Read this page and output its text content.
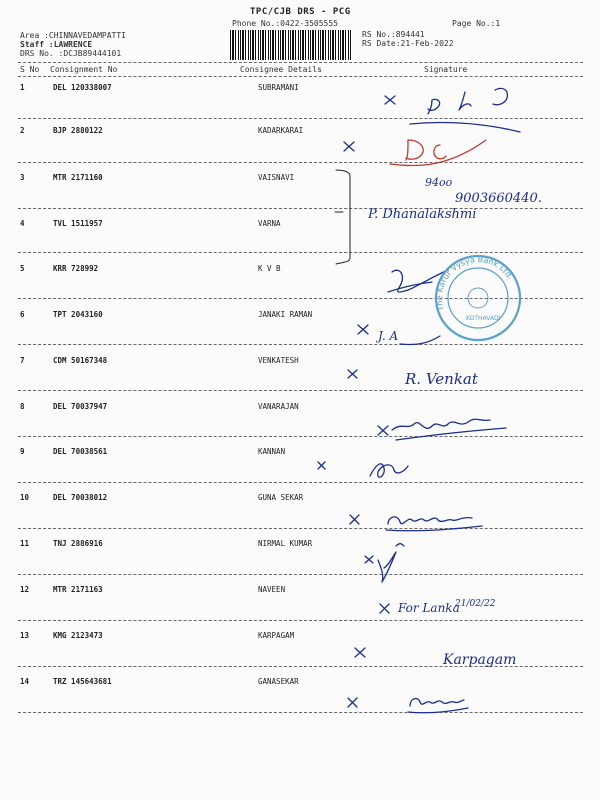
TPC/CJB DRS - PCG
Phone No.:0422-3505555	Page No.:1
Area :CHINNAVEDAMPATTI
Staff :LAWRENCE
DRS No. :DCJB89444101
RS No.:894441
RS Date:21-Feb-2022
S No Consignment No	Consignee Details	Signature
1	DEL 120338007	SUBRAMANI
2	BJP 2880122	KADARKARAI
3	MTR 2171160	VAISNAVI
4	TVL 1511957	VARNA
5	KRR 728992	K V B
6	TPT 2043160	JANAKI RAMAN
7	CDM 50167348	VENKATESH
8	DEL 70037947	VANARAJAN
9	DEL 70038561	KANNAN
10	DEL 70038012	GUNA SEKAR
11	TNJ 2886916	NIRMAL KUMAR
12	MTR 2171163	NAVEEN
13	KMG 2123473	KARPAGAM
14	TRZ 145643681	GANASEKAR
94oo
9003660440.
P. Dhanalakshmi
The Karur Vysya Bank Ltd.
KOTHAVADI
J. A
R. Venkat
For Lanka
21/02/22
Karpagam
